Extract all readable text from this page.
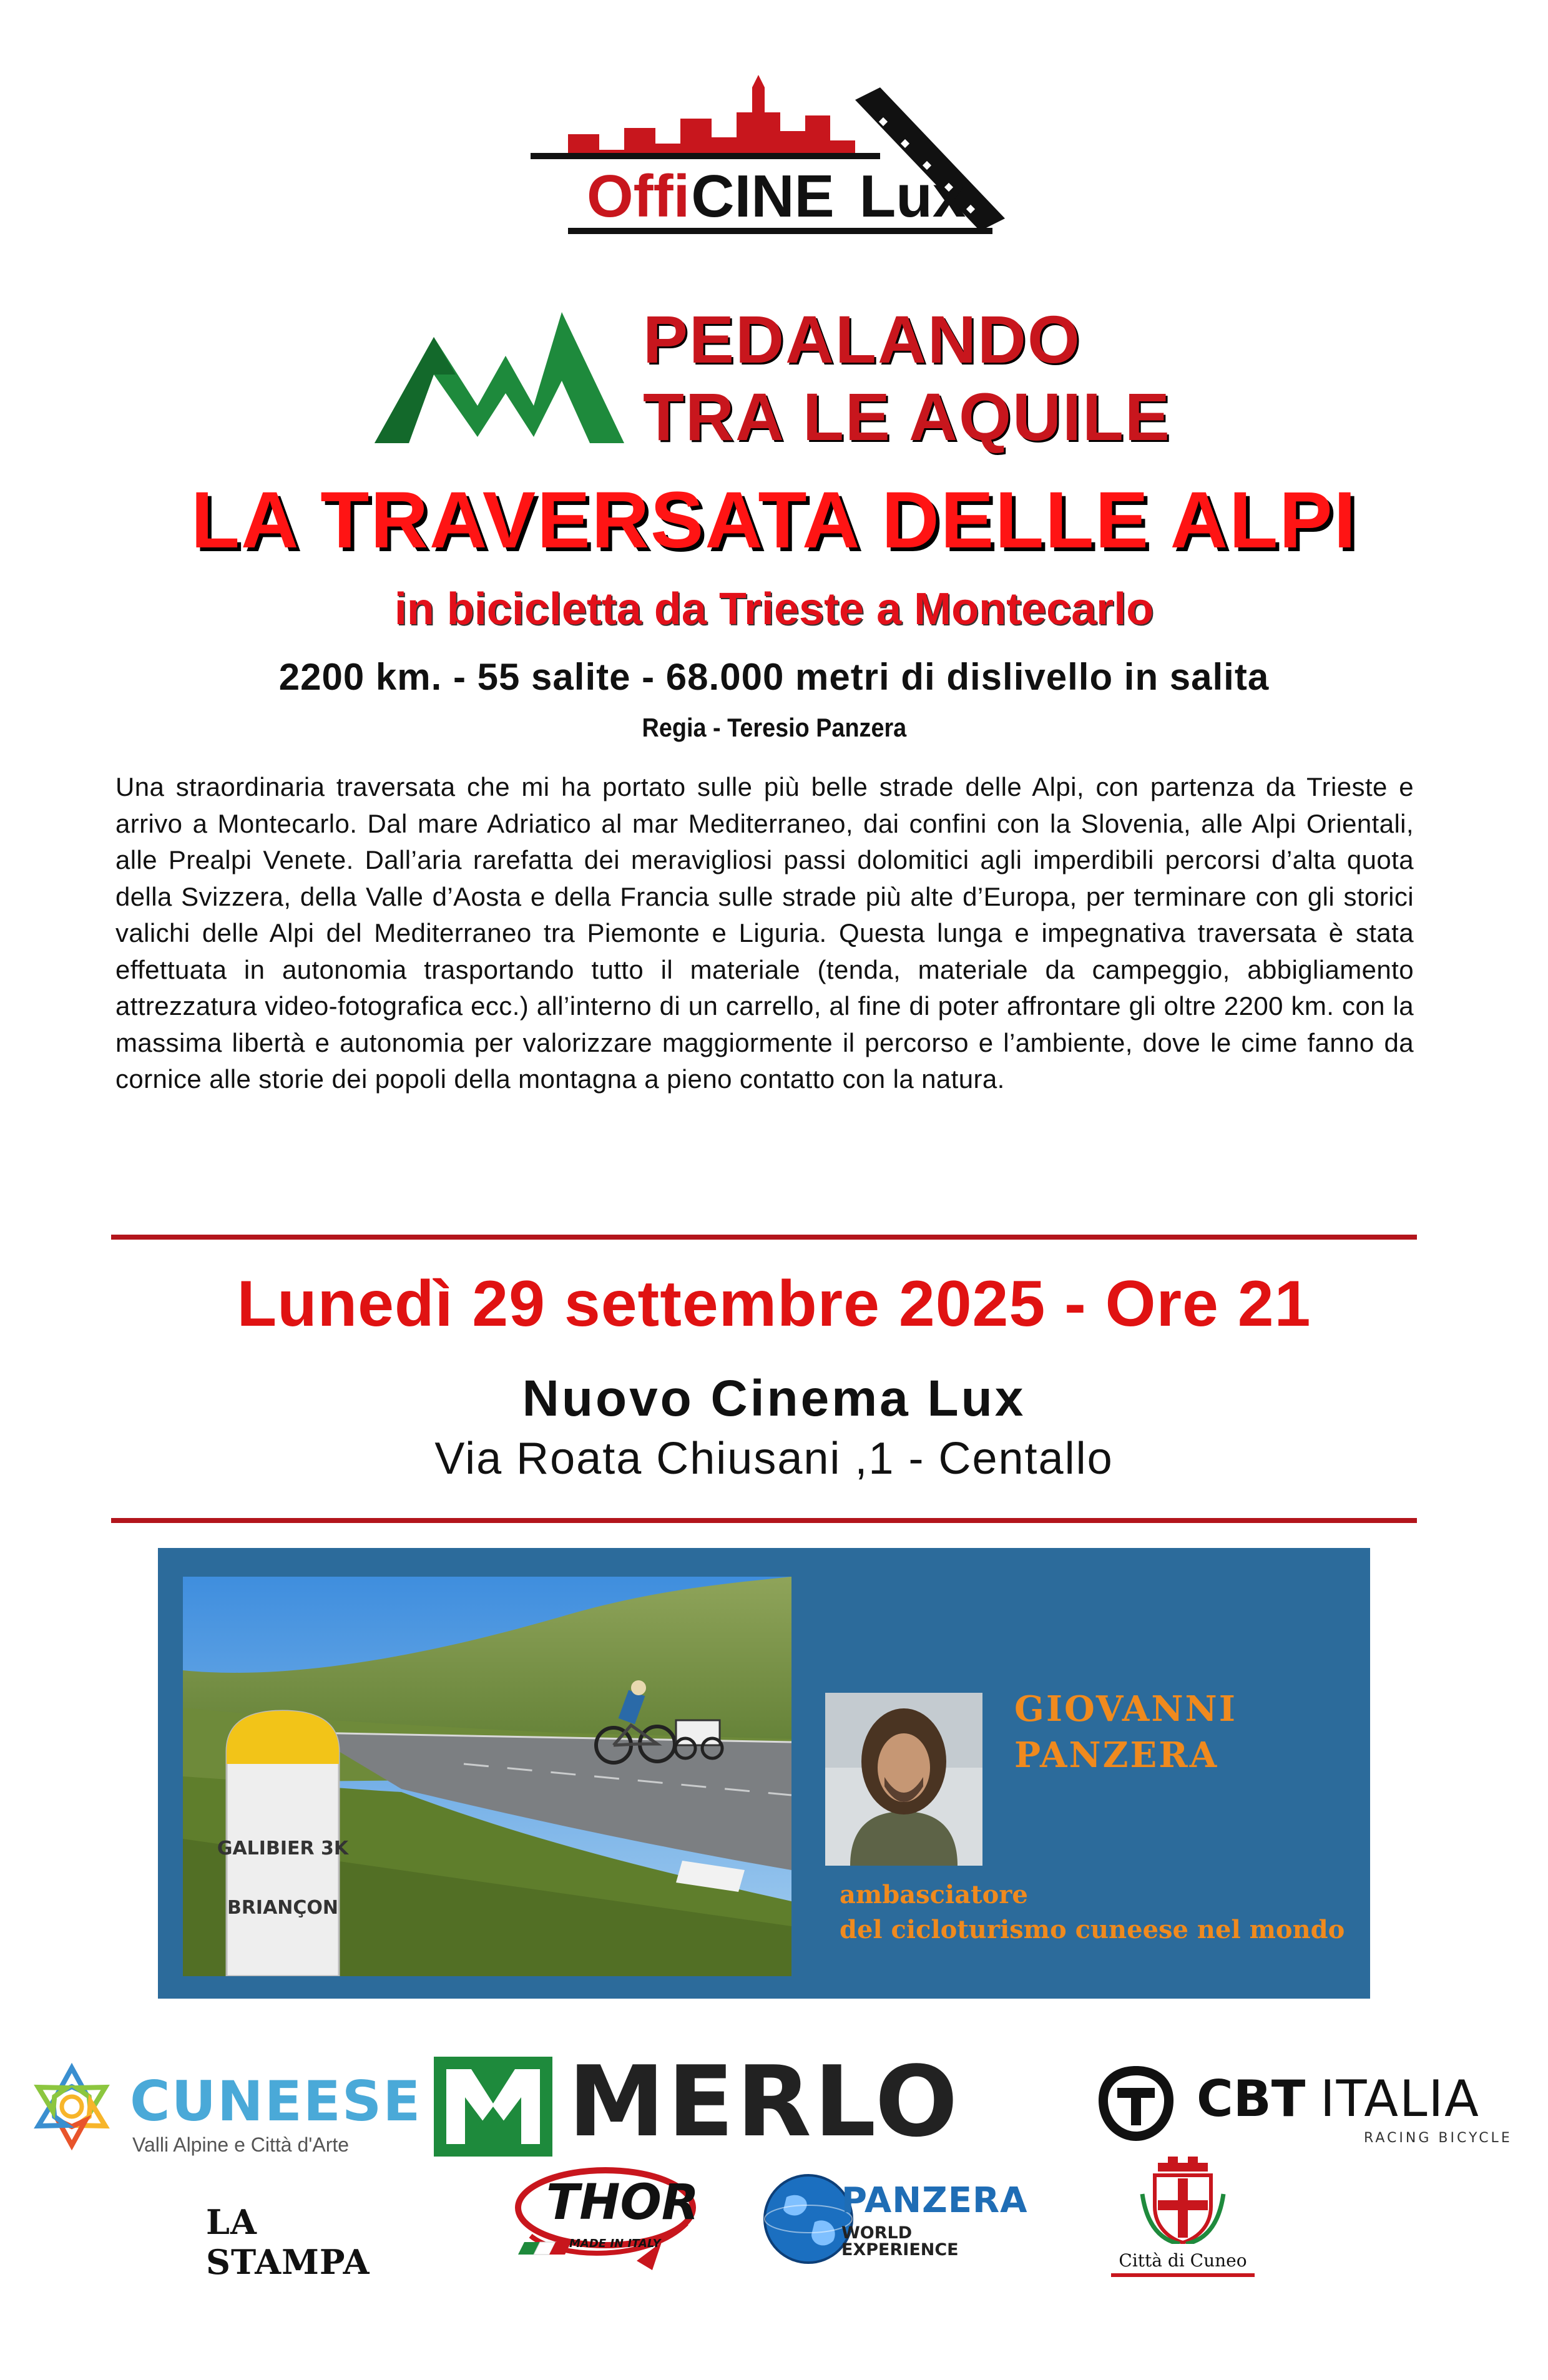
Offi CINE Lux
PEDALANDO
TRA LE AQUILE
LA TRAVERSATA DELLE ALPI
in bicicletta da Trieste a Montecarlo
2200 km. - 55 salite - 68.000 metri di dislivello in salita
Regia - Teresio Panzera
Una straordinaria traversata che mi ha portato sulle più belle strade delle Alpi, con partenza da Trieste e arrivo a Montecarlo. Dal mare Adriatico al mar Mediterraneo, dai confini con la Slovenia, alle Alpi Orientali, alle Prealpi Venete. Dall’aria rarefatta dei meravigliosi passi dolomitici agli imperdibili percorsi d’alta quota della Svizzera, della Valle d’Aosta e della Francia sulle strade più alte d’Europa, per terminare con gli storici valichi delle Alpi del Mediterraneo tra Piemonte e Liguria. Questa lunga e impegnativa traversata è stata effettuata in autonomia trasportando tutto il materiale (tenda, materiale da campeggio, abbigliamento attrezzatura video-fotografica ecc.) all’interno di un carrello, al fine di poter affrontare gli oltre 2200 km. con la massima libertà e autonomia per valorizzare maggiormente il percorso e l’ambiente, dove le cime fanno da cornice alle storie dei popoli della montagna a pieno contatto con la natura.
Lunedì 29 settembre 2025 - Ore 21
Nuovo Cinema Lux
Via Roata Chiusani ,1 - Centallo
GALIBIER 3K
BRIANÇON
GIOVANNI
PANZERA
ambasciatore
del cicloturismo cuneese nel mondo
CUNEESE
Valli Alpine e Città d'Arte MERLO	CBT ITALIA
RACING BICYCLE
LA STAMPA
THOR
MADE IN ITALY
PANZERA
WORLD EXPERIENCE
Città di Cuneo
